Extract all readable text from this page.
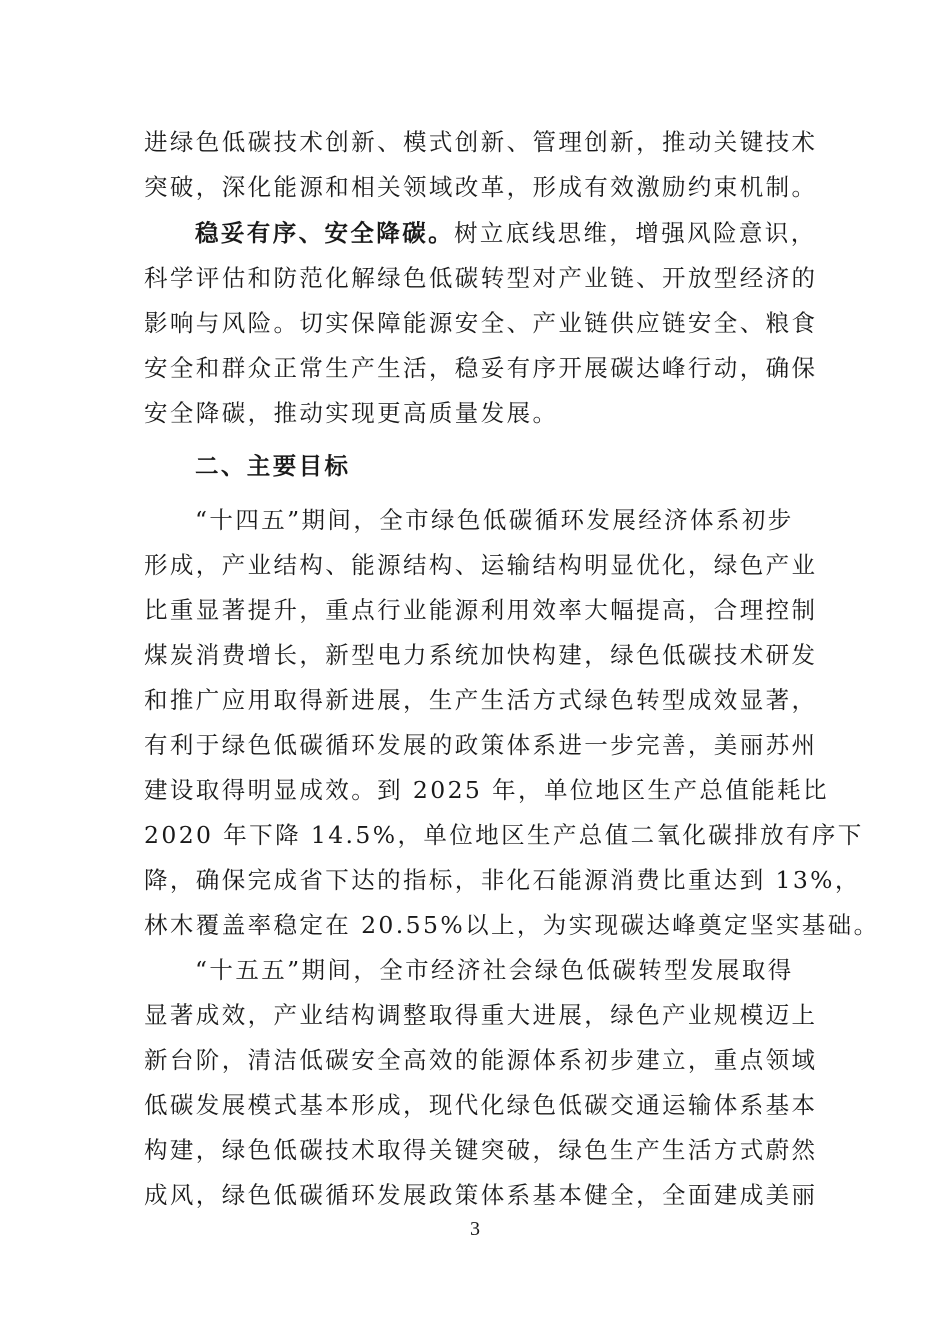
进绿色低碳技术创新、模式创新、管理创新，推动关键技术
突破，深化能源和相关领域改革，形成有效激励约束机制。
稳妥有序、安全降碳。树立底线思维，增强风险意识，
科学评估和防范化解绿色低碳转型对产业链、开放型经济的
影响与风险。切实保障能源安全、产业链供应链安全、粮食
安全和群众正常生产生活，稳妥有序开展碳达峰行动，确保
安全降碳，推动实现更高质量发展。
二、主要目标
“十四五”期间，全市绿色低碳循环发展经济体系初步
形成，产业结构、能源结构、运输结构明显优化，绿色产业
比重显著提升，重点行业能源利用效率大幅提高，合理控制
煤炭消费增长，新型电力系统加快构建，绿色低碳技术研发
和推广应用取得新进展，生产生活方式绿色转型成效显著，
有利于绿色低碳循环发展的政策体系进一步完善，美丽苏州
建设取得明显成效。到 2025 年，单位地区生产总值能耗比
2020 年下降 14.5%，单位地区生产总值二氧化碳排放有序下
降，确保完成省下达的指标，非化石能源消费比重达到 13%，
林木覆盖率稳定在 20.55%以上，为实现碳达峰奠定坚实基础。
“十五五”期间，全市经济社会绿色低碳转型发展取得
显著成效，产业结构调整取得重大进展，绿色产业规模迈上
新台阶，清洁低碳安全高效的能源体系初步建立，重点领域
低碳发展模式基本形成，现代化绿色低碳交通运输体系基本
构建，绿色低碳技术取得关键突破，绿色生产生活方式蔚然
成风，绿色低碳循环发展政策体系基本健全，全面建成美丽
3
